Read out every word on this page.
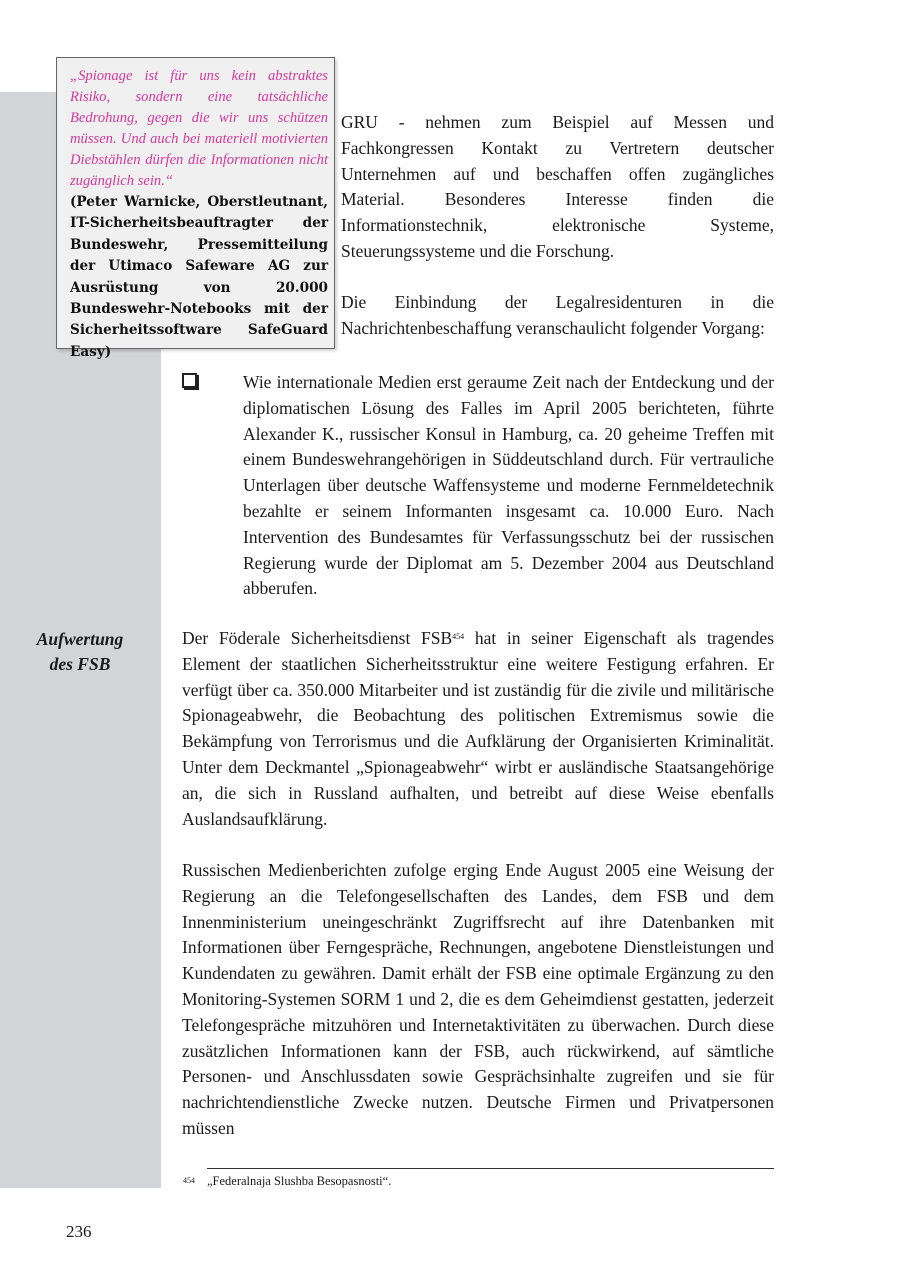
„Spionage ist für uns kein abstraktes Risiko, sondern eine tatsächliche Bedrohung, gegen die wir uns schützen müssen. Und auch bei materiell motivierten Diebstählen dürfen die Informationen nicht zugänglich sein.“
(Peter Warnicke, Oberstleutnant, IT-Sicherheitsbeauftragter der Bundeswehr, Pressemitteilung der Utimaco Safeware AG zur Ausrüstung von 20.000 Bundeswehr-Notebooks mit der Sicherheitssoftware SafeGuard Easy)

GRU - nehmen zum Beispiel auf Messen und Fachkongressen Kontakt zu Vertretern deutscher Unternehmen auf und beschaffen offen zugängliches Material. Besonderes Interesse finden die Informationstechnik, elektronische Systeme, Steuerungssysteme und die Forschung.

Die Einbindung der Legalresidenturen in die Nachrichtenbeschaffung veranschaulicht folgender Vorgang:

Wie internationale Medien erst geraume Zeit nach der Entdeckung und der diplomatischen Lösung des Falles im April 2005 berichteten, führte Alexander K., russischer Konsul in Hamburg, ca. 20 geheime Treffen mit einem Bundeswehrangehörigen in Süddeutschland durch. Für vertrauliche Unterlagen über deutsche Waffensysteme und moderne Fernmeldetechnik bezahlte er seinem Informanten insgesamt ca. 10.000 Euro. Nach Intervention des Bundesamtes für Verfassungsschutz bei der russischen Regierung wurde der Diplomat am 5. Dezember 2004 aus Deutschland abberufen.

Aufwertung
des FSB

Der Föderale Sicherheitsdienst FSB$^{454}$ hat in seiner Eigenschaft als tragendes Element der staatlichen Sicherheitsstruktur eine weitere Festigung erfahren. Er verfügt über ca. 350.000 Mitarbeiter und ist zuständig für die zivile und militärische Spionageabwehr, die Beobachtung des politischen Extremismus sowie die Bekämpfung von Terrorismus und die Aufklärung der Organisierten Kriminalität. Unter dem Deckmantel „Spionageabwehr“ wirbt er ausländische Staatsangehörige an, die sich in Russland aufhalten, und betreibt auf diese Weise ebenfalls Auslandsaufklärung.

Russischen Medienberichten zufolge erging Ende August 2005 eine Weisung der Regierung an die Telefongesellschaften des Landes, dem FSB und dem Innenministerium uneingeschränkt Zugriffsrecht auf ihre Datenbanken mit Informationen über Ferngespräche, Rechnungen, angebotene Dienstleistungen und Kundendaten zu gewähren. Damit erhält der FSB eine optimale Ergänzung zu den Monitoring-Systemen SORM 1 und 2, die es dem Geheimdienst gestatten, jederzeit Telefongespräche mitzuhören und Internetaktivitäten zu überwachen. Durch diese zusätzlichen Informationen kann der FSB, auch rückwirkend, auf sämtliche Personen- und Anschlussdaten sowie Gesprächsinhalte zugreifen und sie für nachrichtendienstliche Zwecke nutzen. Deutsche Firmen und Privatpersonen müssen

454 „Federalnaja Slushba Besopasnosti“.
236
